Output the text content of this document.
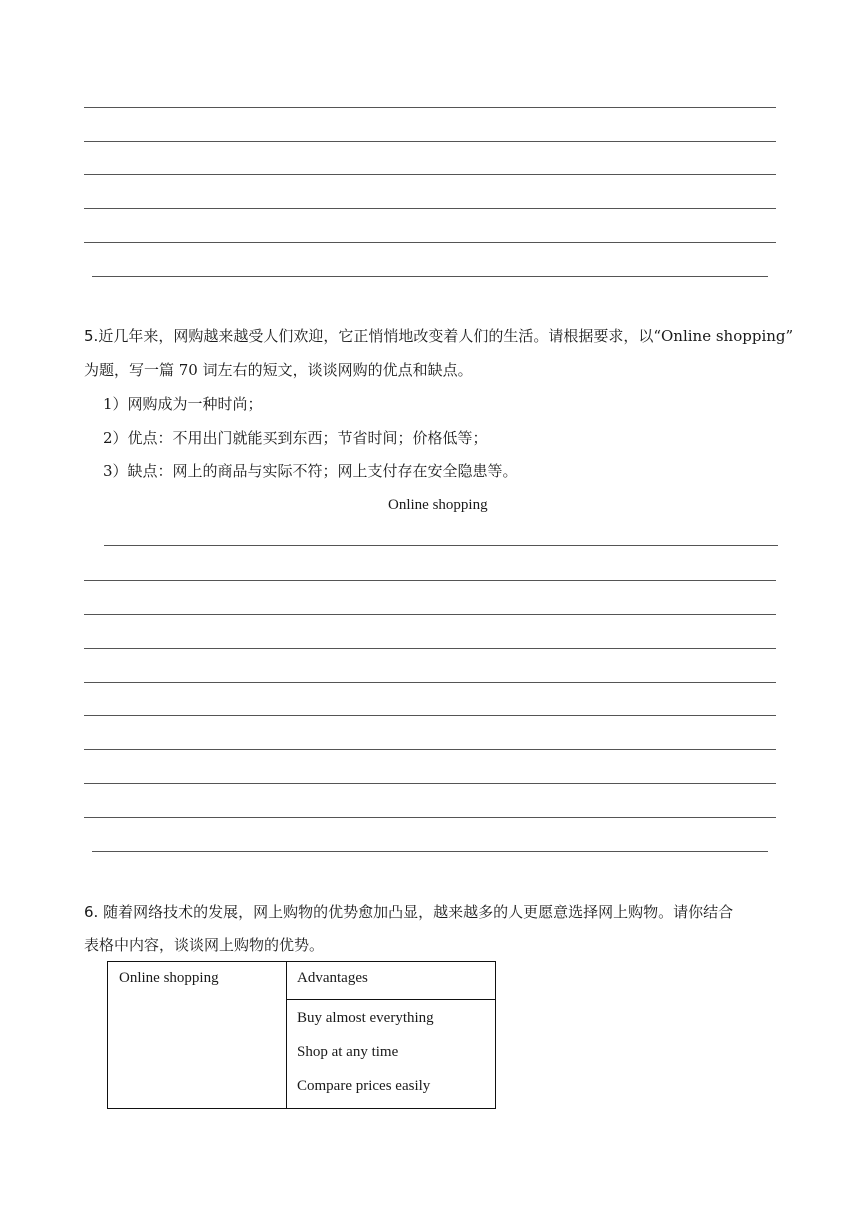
5.近几年来，网购越来越受人们欢迎，它正悄悄地改变着人们的生活。请根据要求，以“Online shopping”
为题，写一篇 70 词左右的短文，谈谈网购的优点和缺点。
1）网购成为一种时尚；
2）优点：不用出门就能买到东西；节省时间；价格低等；
3）缺点：网上的商品与实际不符；网上支付存在安全隐患等。
Online shopping
6. 随着网络技术的发展，网上购物的优势愈加凸显，越来越多的人更愿意选择网上购物。请你结合
表格中内容，谈谈网上购物的优势。
Online shopping	Advantages

Buy almost everything
Shop at any time
Compare prices easily
